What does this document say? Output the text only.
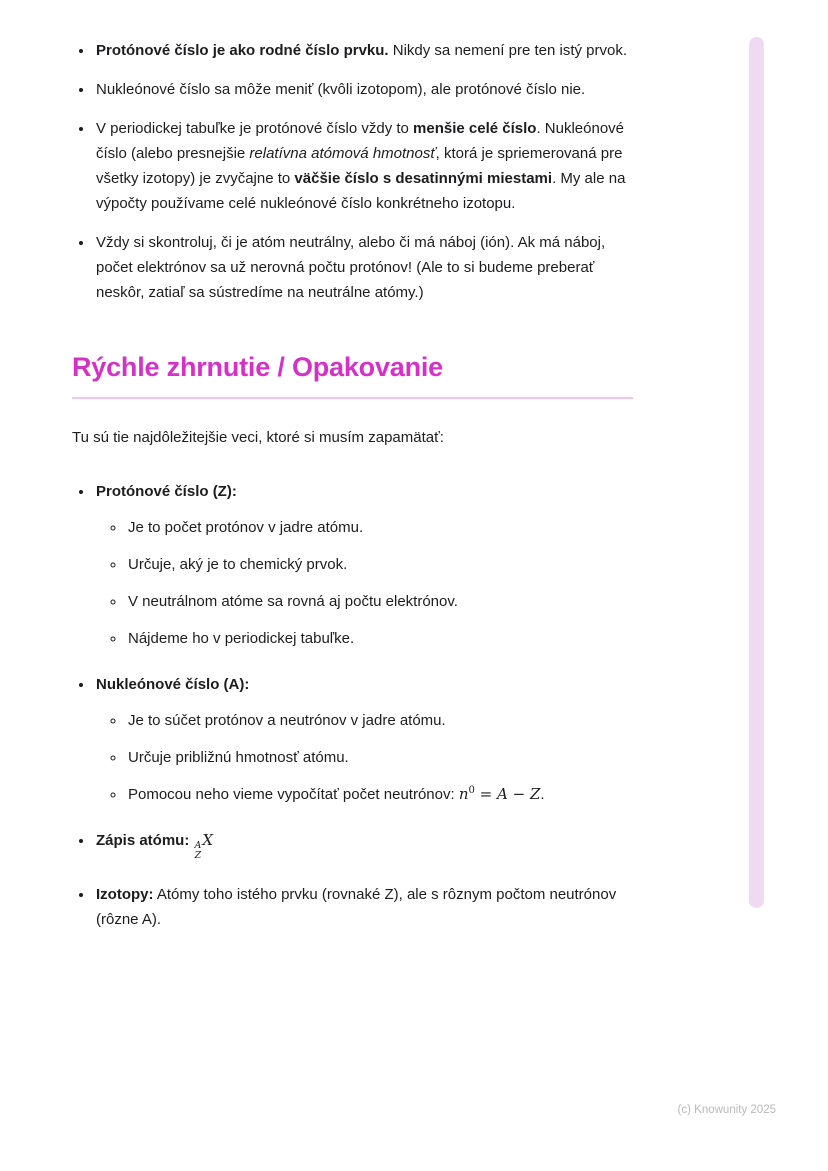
• Protónové číslo je ako rodné číslo prvku. Nikdy sa nemení pre ten istý prvok.
• Nukleónové číslo sa môže meniť (kvôli izotopom), ale protónové číslo nie.
• V periodickej tabuľke je protónové číslo vždy to menšie celé číslo. Nukleónové číslo (alebo presnejšie relatívna atómová hmotnosť, ktorá je spriemerovaná pre všetky izotopy) je zvyčajne to väčšie číslo s desatinnými miestami. My ale na výpočty používame celé nukleónové číslo konkrétneho izotopu.
• Vždy si skontroluj, či je atóm neutrálny, alebo či má náboj (ión). Ak má náboj, počet elektrónov sa už nerovná počtu protónov! (Ale to si budeme preberať neskôr, zatiaľ sa sústredíme na neutrálne atómy.)
Rýchle zhrnutie / Opakovanie

Tu sú tie najdôležitejšie veci, ktoré si musím zapamätať:

• Protónové číslo (Z):
◦ Je to počet protónov v jadre atómu.
◦ Určuje, aký je to chemický prvok.
◦ V neutrálnom atóme sa rovná aj počtu elektrónov.
◦ Nájdeme ho v periodickej tabuľke.
• Nukleónové číslo (A):
◦ Je to súčet protónov a neutrónov v jadre atómu.
◦ Určuje približnú hmotnosť atómu.
◦ Pomocou neho vieme vypočítať počet neutrónov: $n^0 = A - Z$.
• Zápis atómu: A
Z
X
• Izotopy: Atómy toho istého prvku (rovnaké Z), ale s rôznym počtom neutrónov (rôzne A).
(c) Knowunity 2025
